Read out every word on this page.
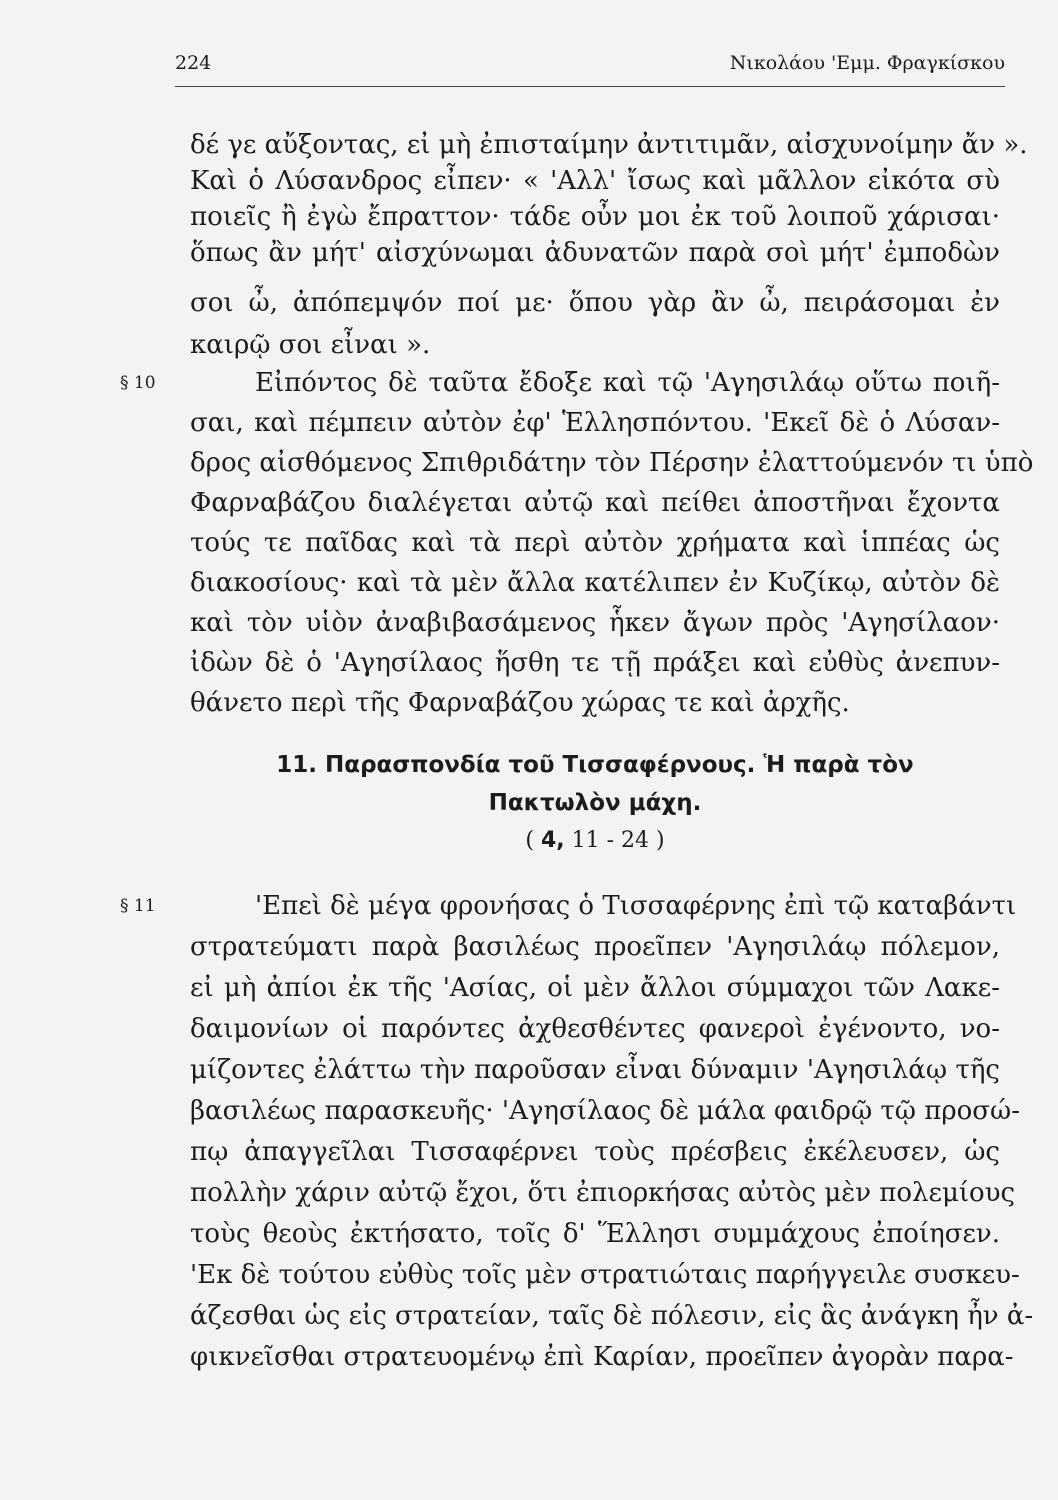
224	Νικολάου 'Εμμ. Φραγκίσκου
δέ γε αὔξοντας, εἰ μὴ ἐπισταίμην ἀντιτιμᾶν, αἰσχυνοίμην ἄν ».
Καὶ ὁ Λύσανδρος εἶπεν· « 'Αλλ' ἴσως καὶ μᾶλλον εἰκότα σὺ
ποιεῖς ἢ ἐγὼ ἔπραττον· τάδε οὖν μοι ἐκ τοῦ λοιποῦ χάρισαι·
ὅπως ἂν μήτ' αἰσχύνωμαι ἀδυνατῶν παρὰ σοὶ μήτ' ἐμποδὼν
σοι ὦ, ἀπόπεμψόν ποί με· ὅπου γὰρ ἂν ὦ, πειράσομαι ἐν
καιρῷ σοι εἶναι ».
§ 10	Εἰπόντος δὲ ταῦτα ἔδοξε καὶ τῷ 'Αγησιλάῳ οὕτω ποιῆ-
σαι, καὶ πέμπειν αὐτὸν ἐφ' Ἑλλησπόντου. 'Εκεῖ δὲ ὁ Λύσαν-
δρος αἰσθόμενος Σπιθριδάτην τὸν Πέρσην ἐλαττούμενόν τι ὑπὸ
Φαρναβάζου διαλέγεται αὐτῷ καὶ πείθει ἀποστῆναι ἔχοντα
τούς τε παῖδας καὶ τὰ περὶ αὐτὸν χρήματα καὶ ἱππέας ὡς
διακοσίους· καὶ τὰ μὲν ἄλλα κατέλιπεν ἐν Κυζίκῳ, αὐτὸν δὲ
καὶ τὸν υἱὸν ἀναβιβασάμενος ἧκεν ἄγων πρὸς 'Αγησίλαον·
ἰδὼν δὲ ὁ 'Αγησίλαος ἥσθη τε τῇ πράξει καὶ εὐθὺς ἀνεπυν-
θάνετο περὶ τῆς Φαρναβάζου χώρας τε καὶ ἀρχῆς.
11. Παρασπονδία τοῦ Τισσαφέρνους. Ἡ παρὰ τὸν
Πακτωλὸν μάχη.
( 4, 11 - 24 )
§ 11	'Επεὶ δὲ μέγα φρονήσας ὁ Τισσαφέρνης ἐπὶ τῷ καταβάντι
στρατεύματι παρὰ βασιλέως προεῖπεν 'Αγησιλάῳ πόλεμον,
εἰ μὴ ἀπίοι ἐκ τῆς 'Ασίας, οἱ μὲν ἄλλοι σύμμαχοι τῶν Λακε-
δαιμονίων οἱ παρόντες ἀχθεσθέντες φανεροὶ ἐγένοντο, νο-
μίζοντες ἐλάττω τὴν παροῦσαν εἶναι δύναμιν 'Αγησιλάῳ τῆς
βασιλέως παρασκευῆς· 'Αγησίλαος δὲ μάλα φαιδρῷ τῷ προσώ-
πῳ ἀπαγγεῖλαι Τισσαφέρνει τοὺς πρέσβεις ἐκέλευσεν, ὡς
πολλὴν χάριν αὐτῷ ἔχοι, ὅτι ἐπιορκήσας αὐτὸς μὲν πολεμίους
τοὺς θεοὺς ἐκτήσατο, τοῖς δ' Ἕλλησι συμμάχους ἐποίησεν.
'Εκ δὲ τούτου εὐθὺς τοῖς μὲν στρατιώταις παρήγγειλε συσκευ-
άζεσθαι ὡς εἰς στρατείαν, ταῖς δὲ πόλεσιν, εἰς ἃς ἀνάγκη ἦν ἀ-
φικνεῖσθαι στρατευομένῳ ἐπὶ Καρίαν, προεῖπεν ἀγορὰν παρα-
